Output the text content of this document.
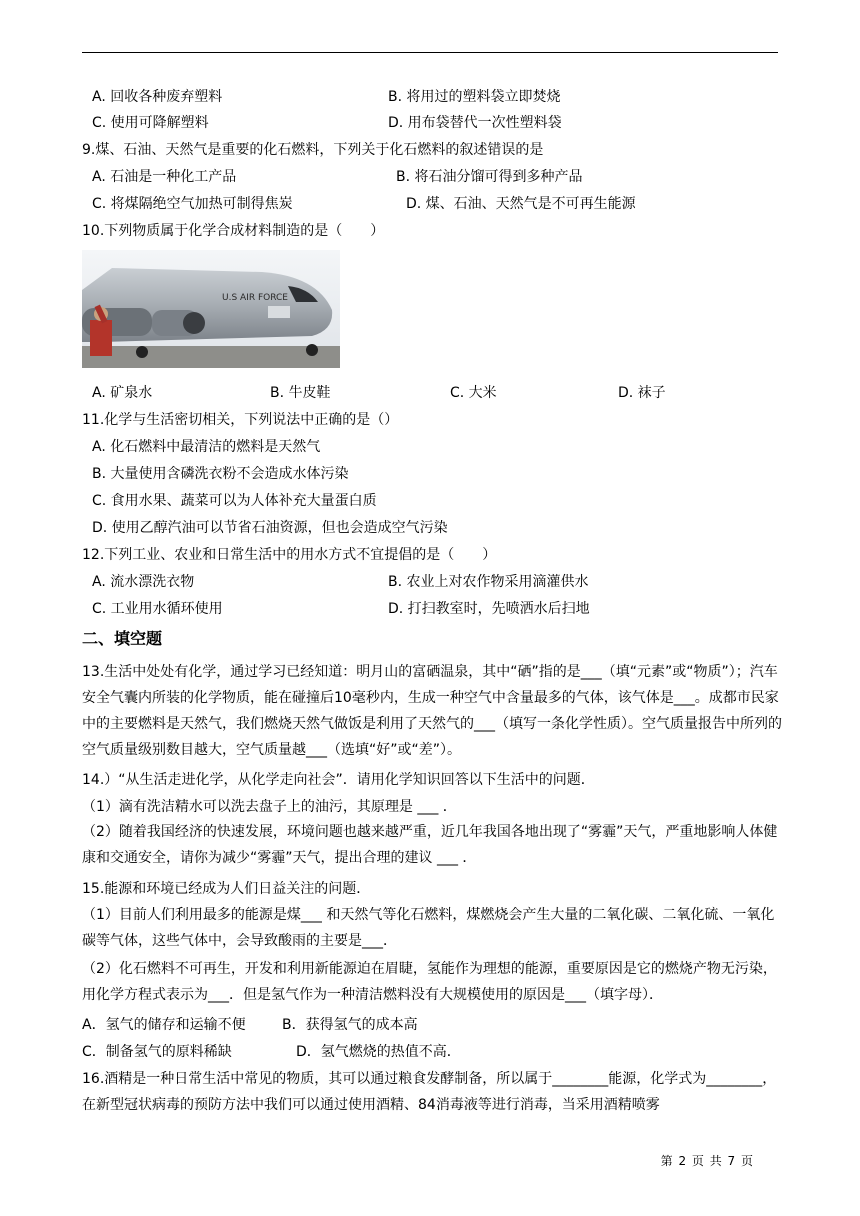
A. 回收各种废弃塑料	B. 将用过的塑料袋立即焚烧
C. 使用可降解塑料	D. 用布袋替代一次性塑料袋
9.煤、石油、天然气是重要的化石燃料，下列关于化石燃料的叙述错误的是
A. 石油是一种化工产品	B. 将石油分馏可得到多种产品
C. 将煤隔绝空气加热可制得焦炭	D. 煤、石油、天然气是不可再生能源
10.下列物质属于化学合成材料制造的是（　　）
U.S AIR FORCE
A. 矿泉水	B. 牛皮鞋	C. 大米	D. 袜子
11.化学与生活密切相关，下列说法中正确的是（）
A. 化石燃料中最清洁的燃料是天然气
B. 大量使用含磷洗衣粉不会造成水体污染
C. 食用水果、蔬菜可以为人体补充大量蛋白质
D. 使用乙醇汽油可以节省石油资源，但也会造成空气污染
12.下列工业、农业和日常生活中的用水方式不宜提倡的是（　　）
A. 流水漂洗衣物	B. 农业上对农作物采用滴灌供水
C. 工业用水循环使用	D. 打扫教室时，先喷洒水后扫地
二、填空题
13.生活中处处有化学，通过学习已经知道：明月山的富硒温泉，其中“硒”指的是___（填“元素”或“物质”）；汽车安全气囊内所装的化学物质，能在碰撞后10毫秒内，生成一种空气中含量最多的气体，该气体是___。成都市民家中的主要燃料是天然气，我们燃烧天然气做饭是利用了天然气的___（填写一条化学性质）。空气质量报告中所列的空气质量级别数目越大，空气质量越___（选填“好”或“差”）。
14.）“从生活走进化学，从化学走向社会”．请用化学知识回答以下生活中的问题．
（1）滴有洗洁精水可以洗去盘子上的油污，其原理是 ___ ．
（2）随着我国经济的快速发展，环境问题也越来越严重，近几年我国各地出现了“雾霾”天气，严重地影响人体健康和交通安全，请你为减少“雾霾”天气，提出合理的建议 ___ ．
15.能源和环境已经成为人们日益关注的问题．
（1）目前人们利用最多的能源是煤___ 和天然气等化石燃料，煤燃烧会产生大量的二氧化碳、二氧化硫、一氧化碳等气体，这些气体中，会导致酸雨的主要是___．
（2）化石燃料不可再生，开发和利用新能源迫在眉睫，氢能作为理想的能源，重要原因是它的燃烧产物无污染，用化学方程式表示为___．但是氢气作为一种清洁燃料没有大规模使用的原因是___（填字母）．
A．氢气的储存和运输不便	B．获得氢气的成本高
C．制备氢气的原料稀缺	D．氢气燃烧的热值不高．
16.酒精是一种日常生活中常见的物质，其可以通过粮食发酵制备，所以属于________能源，化学式为________，在新型冠状病毒的预防方法中我们可以通过使用酒精、84消毒液等进行消毒，当采用酒精喷雾
第 2 页 共 7 页
